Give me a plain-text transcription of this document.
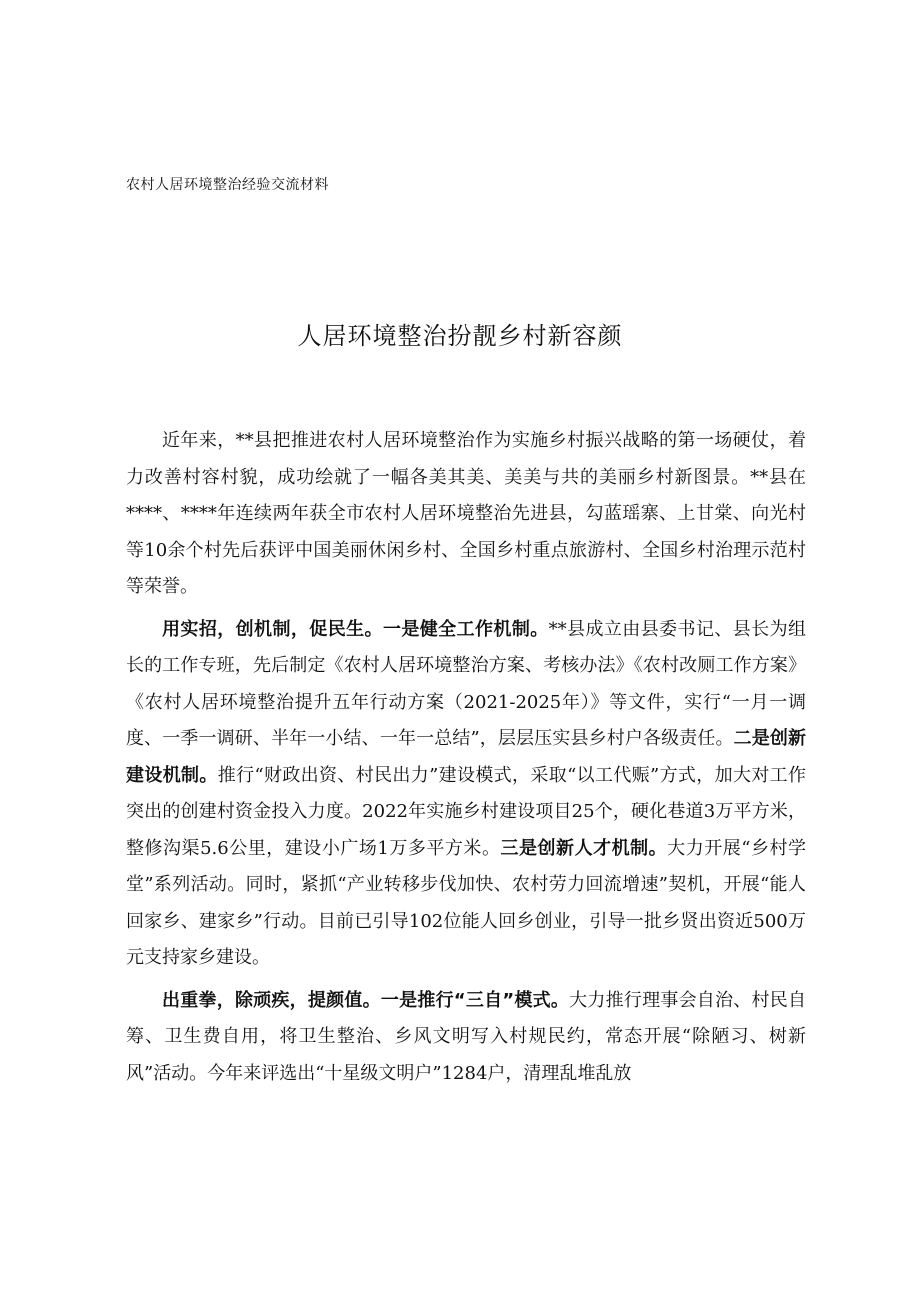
农村人居环境整治经验交流材料
人居环境整治扮靓乡村新容颜

近年来，**县把推进农村人居环境整治作为实施乡村振兴战略的第一场硬仗，着力改善村容村貌，成功绘就了一幅各美其美、美美与共的美丽乡村新图景。**县在****、****年连续两年获全市农村人居环境整治先进县，勾蓝瑶寨、上甘棠、向光村等10余个村先后获评中国美丽休闲乡村、全国乡村重点旅游村、全国乡村治理示范村等荣誉。

用实招，创机制，促民生。一是健全工作机制。**县成立由县委书记、县长为组长的工作专班，先后制定《农村人居环境整治方案、考核办法》《农村改厕工作方案》《农村人居环境整治提升五年行动方案（2021-2025年）》等文件，实行“一月一调度、一季一调研、半年一小结、一年一总结”，层层压实县乡村户各级责任。二是创新建设机制。推行“财政出资、村民出力”建设模式，采取“以工代赈”方式，加大对工作突出的创建村资金投入力度。2022年实施乡村建设项目25个，硬化巷道3万平方米，整修沟渠5.6公里，建设小广场1万多平方米。三是创新人才机制。大力开展“乡村学堂”系列活动。同时，紧抓“产业转移步伐加快、农村劳力回流增速”契机，开展“能人回家乡、建家乡”行动。目前已引导102位能人回乡创业，引导一批乡贤出资近500万元支持家乡建设。

出重拳，除顽疾，提颜值。一是推行“三自”模式。大力推行理事会自治、村民自筹、卫生费自用，将卫生整治、乡风文明写入村规民约，常态开展“除陋习、树新风”活动。今年来评选出“十星级文明户”1284户，清理乱堆乱放
